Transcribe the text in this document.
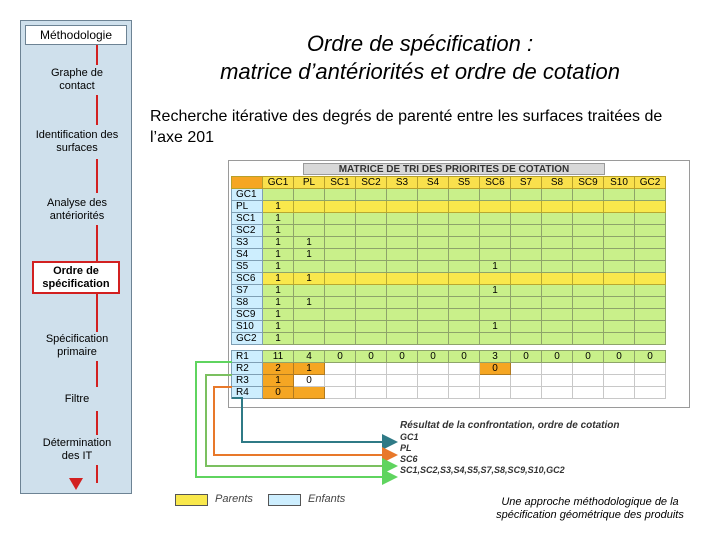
Méthodologie
Graphe de contact
Identification des surfaces
Analyse des antériorités
Ordre de spécification
Spécification primaire
Filtre
Détermination des IT
Ordre de spécification :
matrice d’antériorités et ordre de cotation
Recherche itérative des degrés de parenté entre les surfaces traitées de l’axe 201
MATRICE DE TRI DES PRIORITES DE COTATION
	GC1	PL	SC1	SC2	S3	S4	S5	SC6	S7	S8	SC9	S10	GC2
GC1													
PL	1												
SC1	1												
SC2	1												
S3	1	1											
S4	1	1											
S5	1							1					
SC6	1	1											
S7	1							1					
S8	1	1											
SC9	1												
S10	1							1					
GC2	1												

R1	11	4	0	0	0	0	0	3	0	0	0	0	0
R2	2	1						0					
R3	1	0											
R4	0												
Résultat de la confrontation, ordre de cotation
GC1
PL
SC6
SC1,SC2,S3,S4,S5,S7,S8,SC9,S10,GC2
Parents	Enfants	Une approche méthodologique de la
spécification géométrique des produits
